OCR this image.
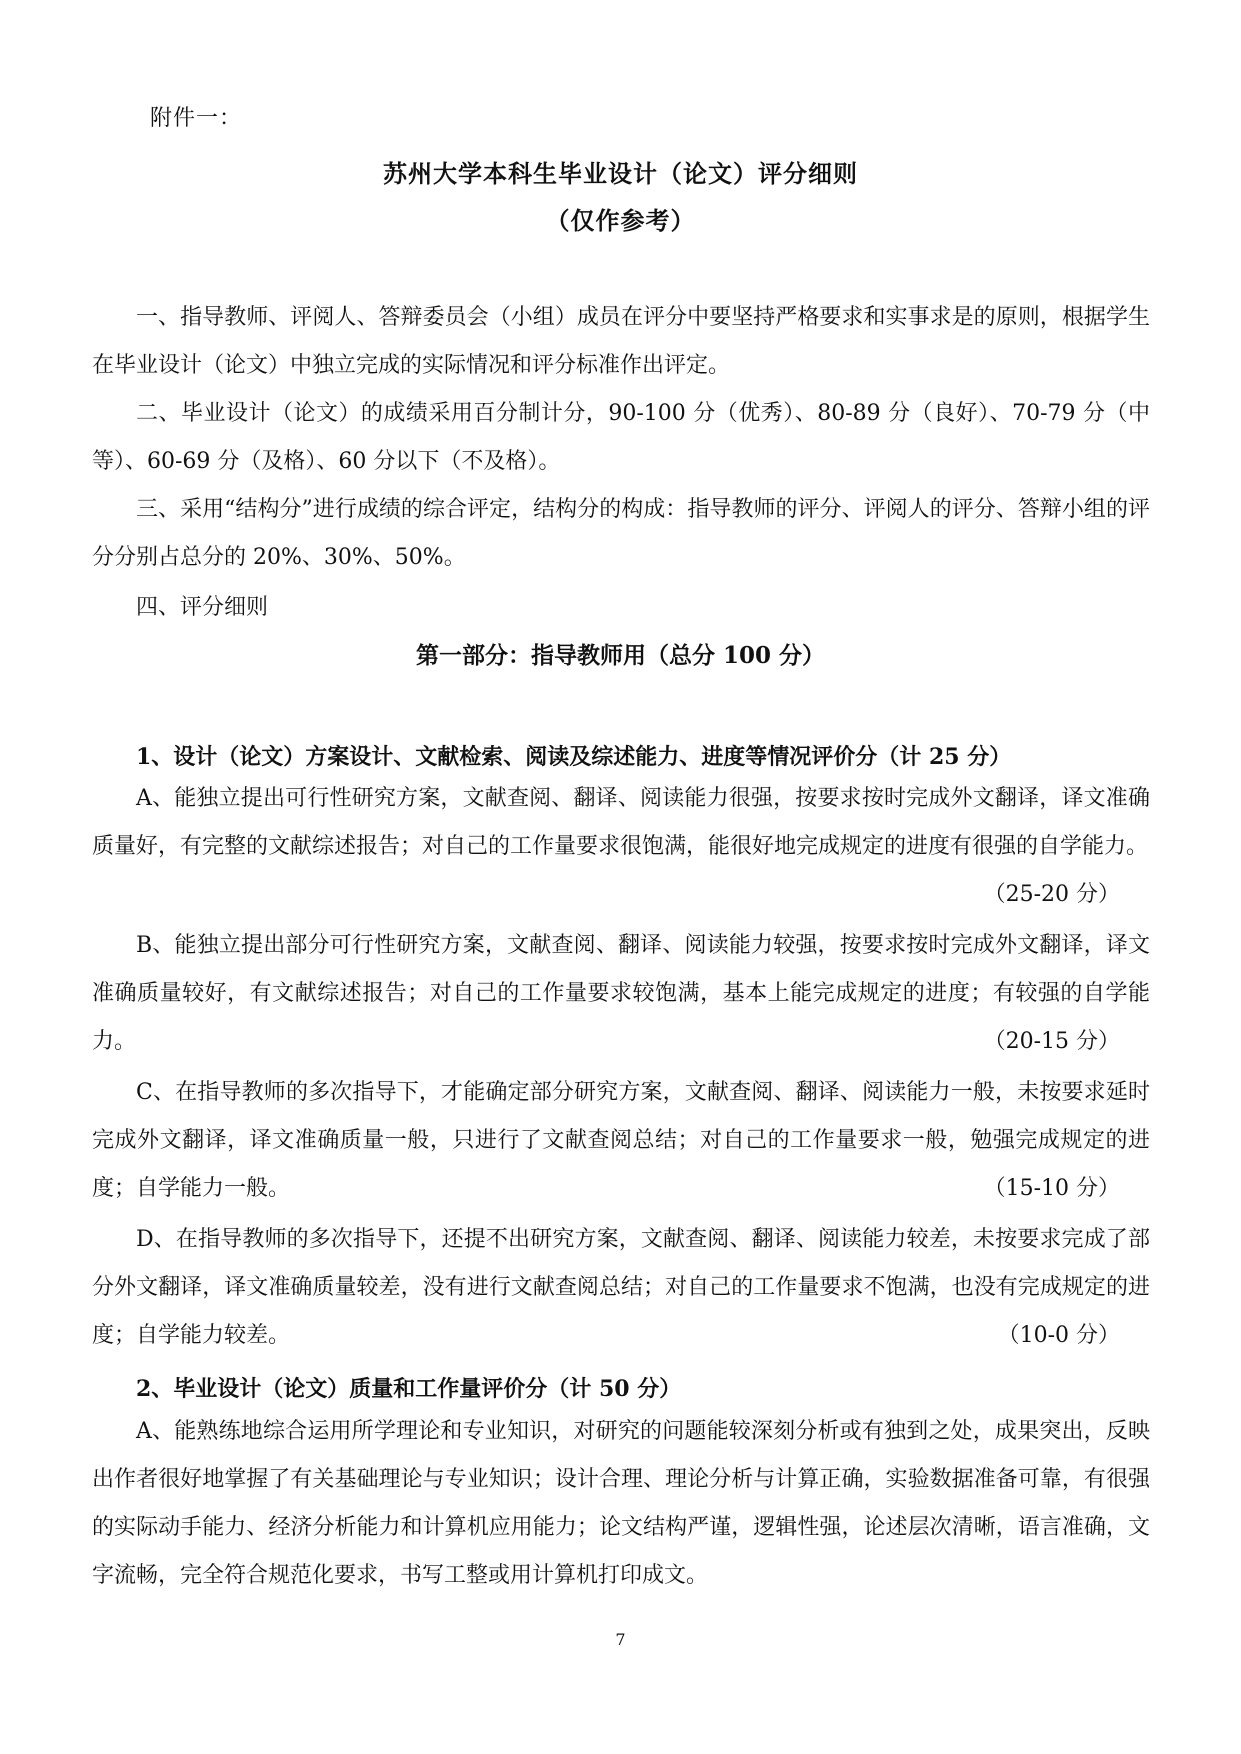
附件一：
苏州大学本科生毕业设计（论文）评分细则
（仅作参考）

一、指导教师、评阅人、答辩委员会（小组）成员在评分中要坚持严格要求和实事求是的原则，根据学生在毕业设计（论文）中独立完成的实际情况和评分标准作出评定。

二、毕业设计（论文）的成绩采用百分制计分，90-100 分（优秀）、80-89 分（良好）、70-79 分（中等）、60-69 分（及格）、60 分以下（不及格）。

三、采用“结构分”进行成绩的综合评定，结构分的构成：指导教师的评分、评阅人的评分、答辩小组的评分分别占总分的 20%、30%、50%。

四、评分细则

第一部分：指导教师用（总分 100 分）
1、设计（论文）方案设计、文献检索、阅读及综述能力、进度等情况评价分（计 25 分）

A、能独立提出可行性研究方案，文献查阅、翻译、阅读能力很强，按要求按时完成外文翻译，译文准确质量好，有完整的文献综述报告；对自己的工作量要求很饱满，能很好地完成规定的进度有很强的自学能力。
（25-20 分）

B、能独立提出部分可行性研究方案，文献查阅、翻译、阅读能力较强，按要求按时完成外文翻译，译文准确质量较好，有文献综述报告；对自己的工作量要求较饱满，基本上能完成规定的进度；有较强的自学能力。	（20-15 分）

C、在指导教师的多次指导下，才能确定部分研究方案，文献查阅、翻译、阅读能力一般，未按要求延时完成外文翻译，译文准确质量一般，只进行了文献查阅总结；对自己的工作量要求一般，勉强完成规定的进度；自学能力一般。	（15-10 分）

D、在指导教师的多次指导下，还提不出研究方案，文献查阅、翻译、阅读能力较差，未按要求完成了部分外文翻译，译文准确质量较差，没有进行文献查阅总结；对自己的工作量要求不饱满，也没有完成规定的进度；自学能力较差。	（10-0 分）

2、毕业设计（论文）质量和工作量评价分（计 50 分）

A、能熟练地综合运用所学理论和专业知识，对研究的问题能较深刻分析或有独到之处，成果突出，反映出作者很好地掌握了有关基础理论与专业知识；设计合理、理论分析与计算正确，实验数据准备可靠，有很强的实际动手能力、经济分析能力和计算机应用能力；论文结构严谨，逻辑性强，论述层次清晰，语言准确，文字流畅，完全符合规范化要求，书写工整或用计算机打印成文。

7
